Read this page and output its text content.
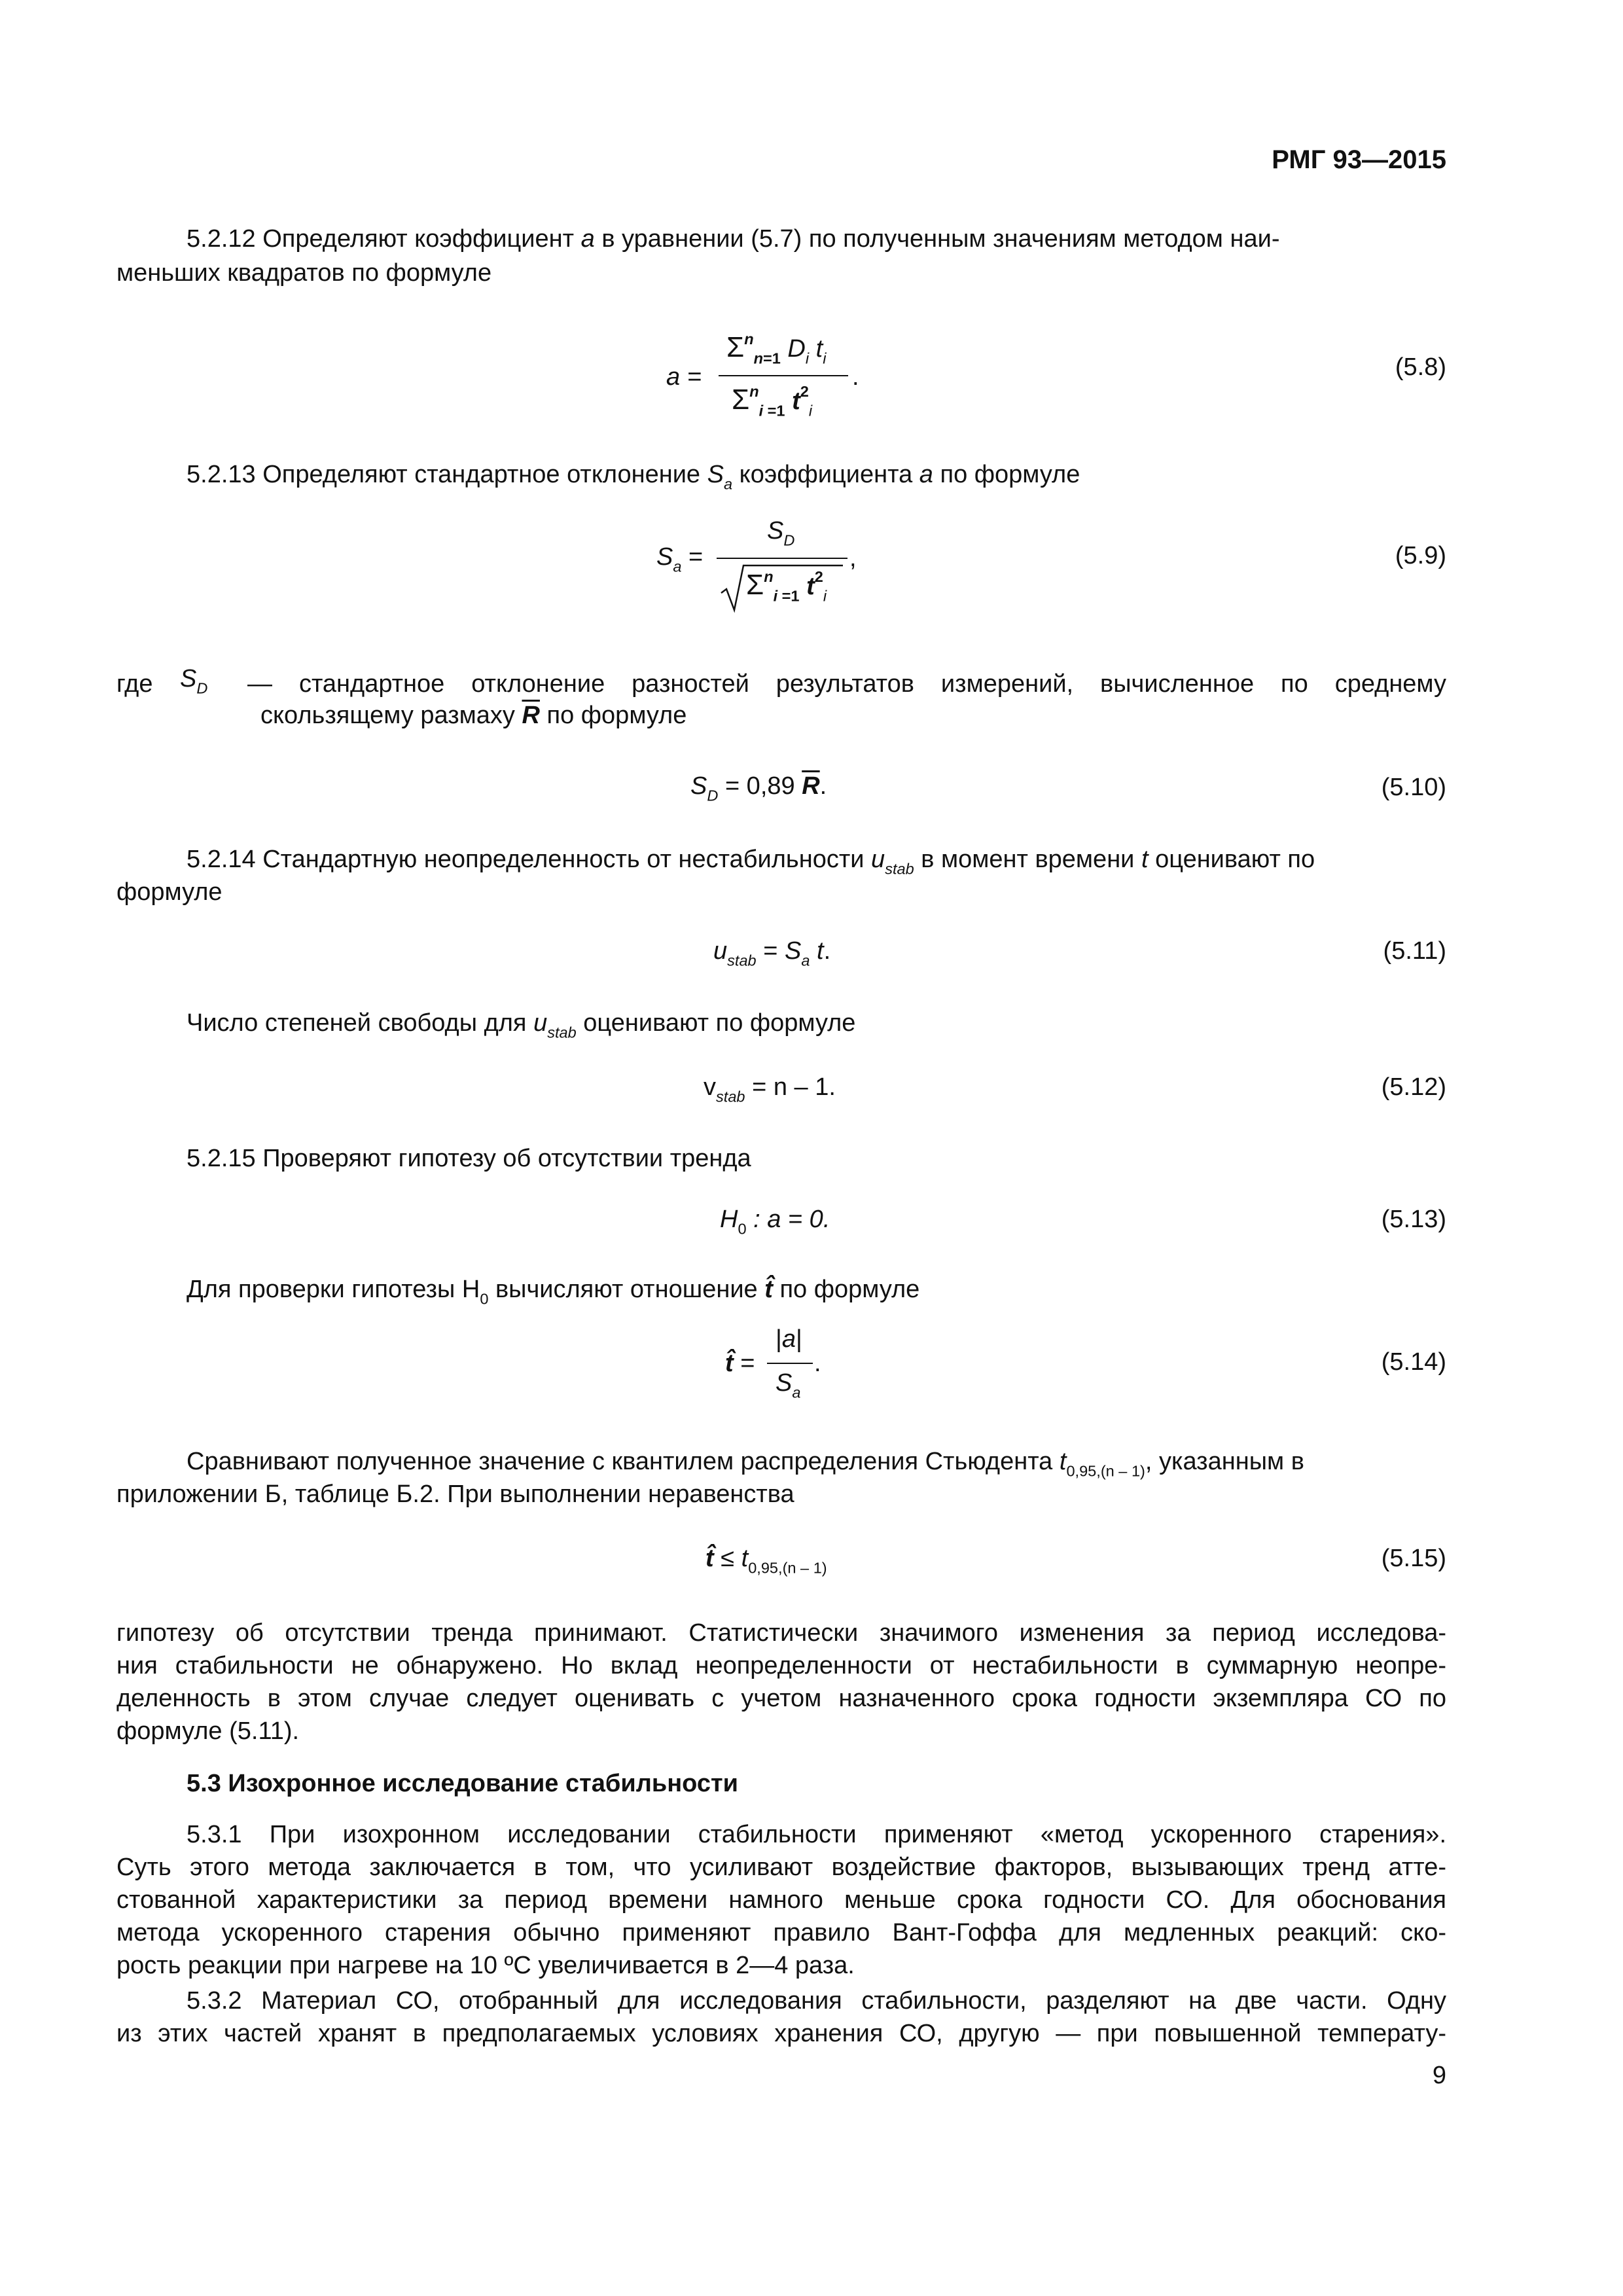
РМГ 93—2015
5.2.12 Определяют коэффициент a в уравнении (5.7) по полученным значениям методом наи-
меньших квадратов по формуле
a =
$\Sigma^n_{n=1}$ $D_i$ $t_i$
$\Sigma^n_{i =1}$ $t^2_i$
.	(5.8)
5.2.13 Определяют стандартное отклонение $S_a$ коэффициента a по формуле
$S_a$ =
$S_D$
$\Sigma^n_{i =1}$ $t^2_i$
,	(5.9)
где $S_D$ — стандартное отклонение разностей результатов измерений, вычисленное по среднему
скользящему размаху $\overline{R}$ по формуле
$S_D = 0,89$ $\overline{R}$.	(5.10)
5.2.14 Стандартную неопределенность от нестабильности $u_{stab}$ в момент времени t оценивают по
формуле
$u_{stab} = S_a$ t.	(5.11)
Число степеней свободы для $u_{stab}$ оценивают по формуле
$v_{stab} = n - 1$.	(5.12)
5.2.15 Проверяют гипотезу об отсутствии тренда
$H_0$ : a = 0.	(5.13)
Для проверки гипотезы $H_0$ вычисляют отношение t̂ по формуле
t̂ =
|a|
$S_a$
.	(5.14)
Сравнивают полученное значение с квантилем распределения Стьюдента $t_{0,95,(n - 1)}$, указанным в
приложении Б, таблице Б.2. При выполнении неравенства
t̂ ≤ $t_{0,95,(n - 1)}$	(5.15)
гипотезу об отсутствии тренда принимают. Статистически значимого изменения за период исследова-
ния стабильности не обнаружено. Но вклад неопределенности от нестабильности в суммарную неопре-
деленность в этом случае следует оценивать с учетом назначенного срока годности экземпляра СО по
формуле (5.11).
5.3 Изохронное исследование стабильности
5.3.1 При изохронном исследовании стабильности применяют «метод ускоренного старения».
Суть этого метода заключается в том, что усиливают воздействие факторов, вызывающих тренд атте-
стованной характеристики за период времени намного меньше срока годности СО. Для обоснования
метода ускоренного старения обычно применяют правило Вант-Гоффа для медленных реакций: ско-
рость реакции при нагреве на 10 ºС увеличивается в 2—4 раза.
5.3.2 Материал СО, отобранный для исследования стабильности, разделяют на две части. Одну
из этих частей хранят в предполагаемых условиях хранения СО, другую — при повышенной температу-
9
